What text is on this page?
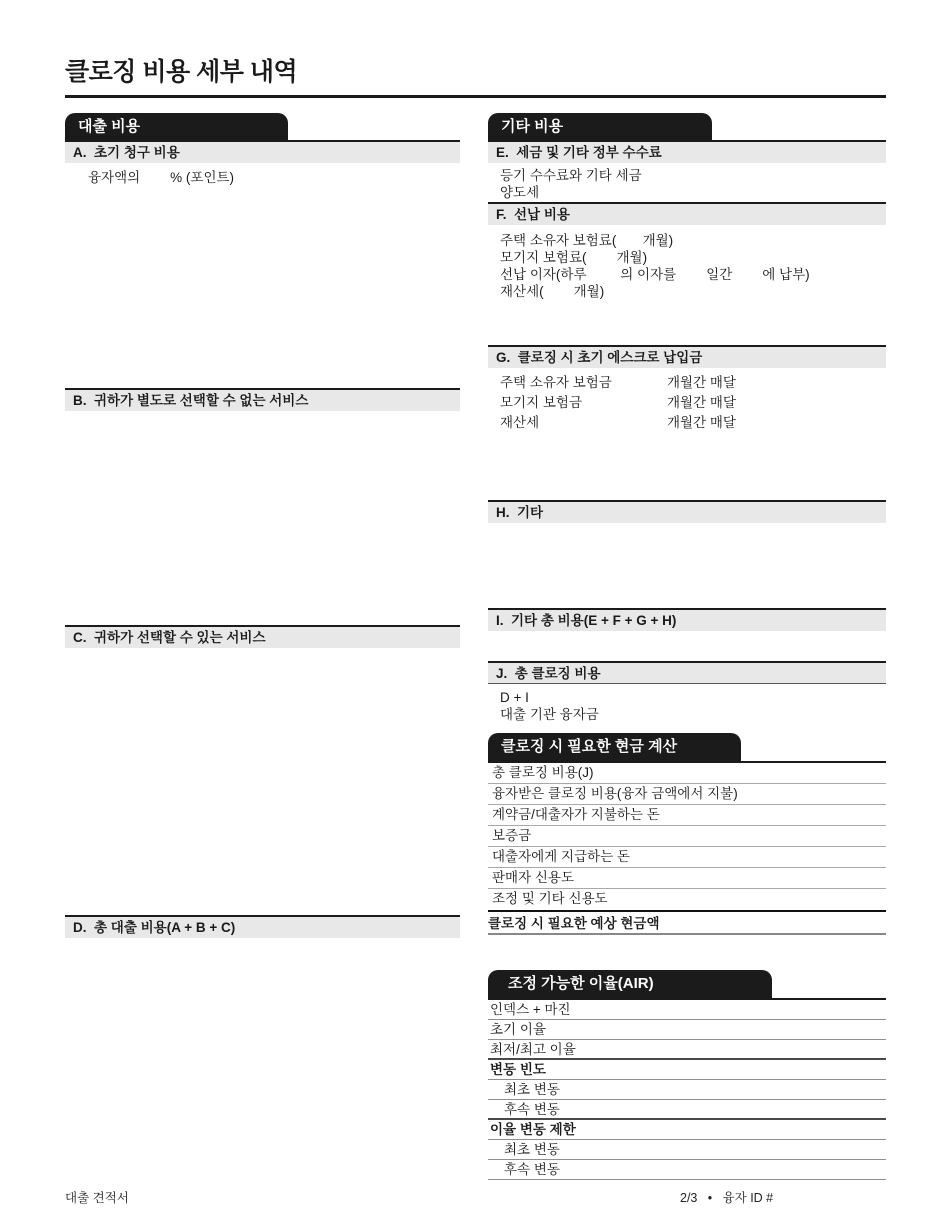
클로징 비용 세부 내역
대출 비용
A.  초기 청구 비용
융자액의        % (포인트)
B.  귀하가 별도로 선택할 수 없는 서비스
C.  귀하가 선택할 수 있는 서비스
D.  총 대출 비용(A + B + C)
기타 비용
E.  세금 및 기타 정부 수수료
등기 수수료와 기타 세금
양도세
F.  선납 비용
주택 소유자 보험료(       개월)
모기지 보험료(        개월)
선납 이자(하루         의 이자를        일간        에 납부)
재산세(        개월)
G.  클로징 시 초기 에스크로 납입금
주택 소유자 보험금	개월간 매달
모기지 보험금	개월간 매달
재산세	개월간 매달
H.  기타
I.  기타 총 비용(E + F + G + H)
J.  총 클로징 비용
D + I
대출 기관 융자금
클로징 시 필요한 현금 계산
총 클로징 비용(J)
융자받은 클로징 비용(융자 금액에서 지불)
계약금/대출자가 지불하는 돈
보증금
대출자에게 지급하는 돈
판매자 신용도
조정 및 기타 신용도
클로징 시 필요한 예상 현금액
조정 가능한 이율(AIR)
인덱스 + 마진
초기 이율
최저/최고 이율
변동 빈도
최초 변동
후속 변동
이율 변동 제한
최초 변동
후속 변동
대출 견적서	2/3   •   융자 ID #
